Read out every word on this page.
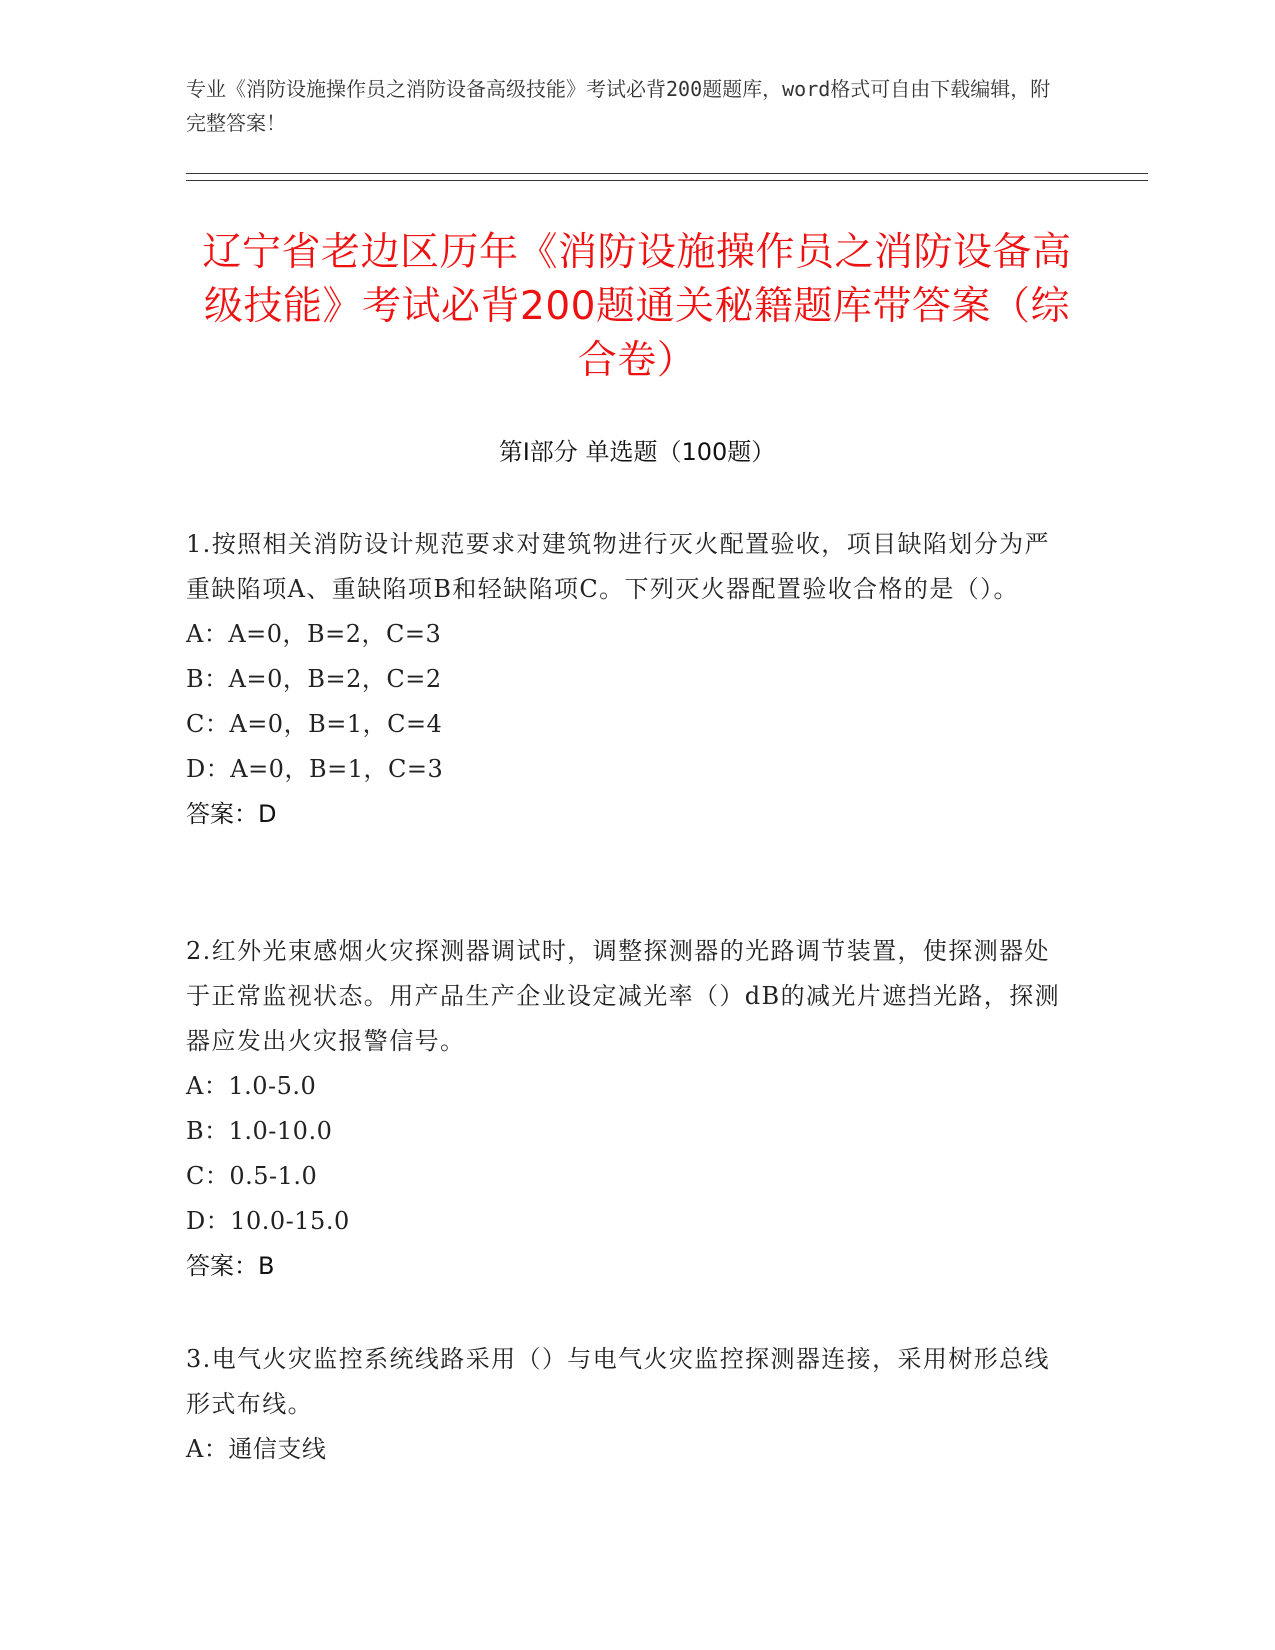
专业《消防设施操作员之消防设备高级技能》考试必背200题题库，word格式可自由下载编辑，附完整答案！
辽宁省老边区历年《消防设施操作员之消防设备高级技能》考试必背200题通关秘籍题库带答案（综合卷）
第I部分 单选题（100题）
1.按照相关消防设计规范要求对建筑物进行灭火配置验收，项目缺陷划分为严重缺陷项A、重缺陷项B和轻缺陷项C。下列灭火器配置验收合格的是（）。
A：A=0，B=2，C=3
B：A=0，B=2，C=2
C：A=0，B=1，C=4
D：A=0，B=1，C=3
答案：D
2.红外光束感烟火灾探测器调试时，调整探测器的光路调节装置，使探测器处于正常监视状态。用产品生产企业设定减光率（）dB的减光片遮挡光路，探测器应发出火灾报警信号。
A：1.0-5.0
B：1.0-10.0
C：0.5-1.0
D：10.0-15.0
答案：B
3.电气火灾监控系统线路采用（）与电气火灾监控探测器连接，采用树形总线形式布线。
A：通信支线
